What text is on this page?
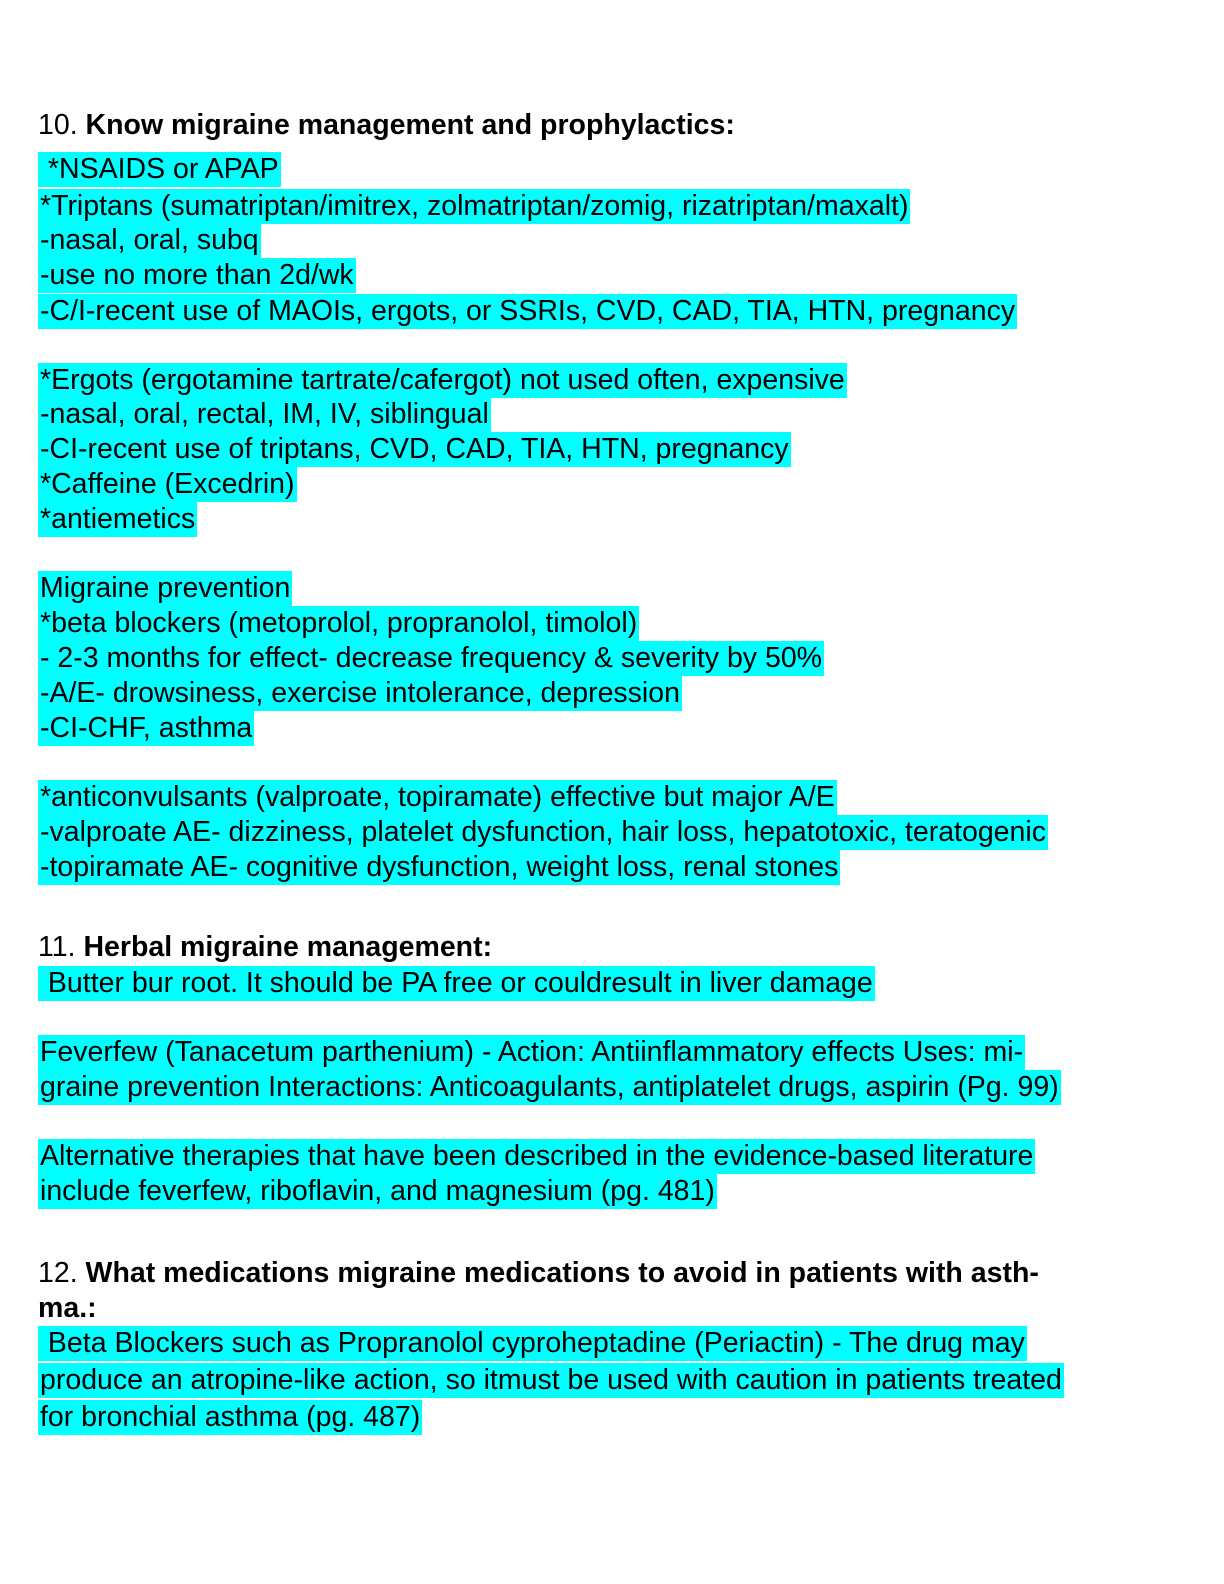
10. Know migraine management and prophylactics:
*NSAIDS or APAP
*Triptans (sumatriptan/imitrex, zolmatriptan/zomig, rizatriptan/maxalt)
-nasal, oral, subq
-use no more than 2d/wk
-C/I-recent use of MAOIs, ergots, or SSRIs, CVD, CAD, TIA, HTN, pregnancy
*Ergots (ergotamine tartrate/cafergot) not used often, expensive
-nasal, oral, rectal, IM, IV, siblingual
-CI-recent use of triptans, CVD, CAD, TIA, HTN, pregnancy
*Caffeine (Excedrin)
*antiemetics
Migraine prevention
*beta blockers (metoprolol, propranolol, timolol)
- 2-3 months for effect- decrease frequency & severity by 50%
-A/E- drowsiness, exercise intolerance, depression
-CI-CHF, asthma
*anticonvulsants (valproate, topiramate) effective but major A/E
-valproate AE- dizziness, platelet dysfunction, hair loss, hepatotoxic, teratogenic
-topiramate AE- cognitive dysfunction, weight loss, renal stones
11. Herbal migraine management:
Butter bur root. It should be PA free or couldresult in liver damage
Feverfew (Tanacetum parthenium) - Action: Antiinflammatory effects Uses: mi-
graine prevention Interactions: Anticoagulants, antiplatelet drugs, aspirin (Pg. 99)
Alternative therapies that have been described in the evidence-based literature
include feverfew, riboflavin, and magnesium (pg. 481)
12. What medications migraine medications to avoid in patients with asth-
ma.:
Beta Blockers such as Propranolol cyproheptadine (Periactin) - The drug may
produce an atropine-like action, so itmust be used with caution in patients treated
for bronchial asthma (pg. 487)
